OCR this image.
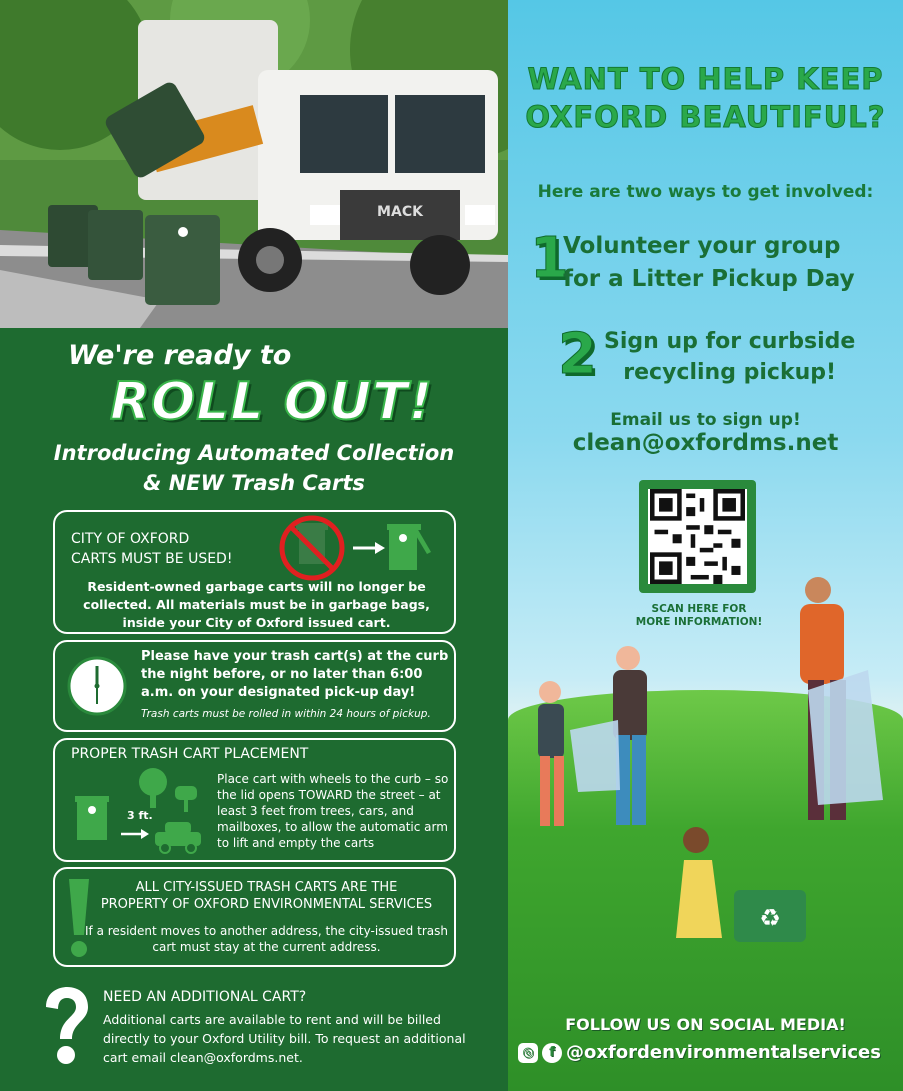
MACK
We're ready to
ROLL OUT!
Introducing Automated Collection
& NEW Trash Carts
CITY OF OXFORD
CARTS MUST BE USED!
Resident-owned garbage carts will no longer be collected. All materials must be in garbage bags, inside your City of Oxford issued cart.
Please have your trash cart(s) at the curb the night before, or no later than 6:00 a.m. on your designated pick-up day!
Trash carts must be rolled in within 24 hours of pickup.
PROPER TRASH CART PLACEMENT
3 ft.
Place cart with wheels to the curb – so the lid opens TOWARD the street – at least 3 feet from trees, cars, and mailboxes, to allow the automatic arm to lift and empty the carts
ALL CITY-ISSUED TRASH CARTS ARE THE
PROPERTY OF OXFORD ENVIRONMENTAL SERVICES
If a resident moves to another address, the city-issued trash cart must stay at the current address.
NEED AN ADDITIONAL CART?
Additional carts are available to rent and will be billed directly to your Oxford Utility bill. To request an additional cart email clean@oxfordms.net.
WANT TO HELP KEEP
OXFORD BEAUTIFUL?
Here are two ways to get involved:
1
Volunteer your group
for a Litter Pickup Day
2 Sign up for curbside
recycling pickup!
Email us to sign up!
clean@oxfordms.net
SCAN HERE FOR
MORE INFORMATION!
♻
FOLLOW US ON SOCIAL MEDIA!
◎	f @oxfordenvironmentalservices
